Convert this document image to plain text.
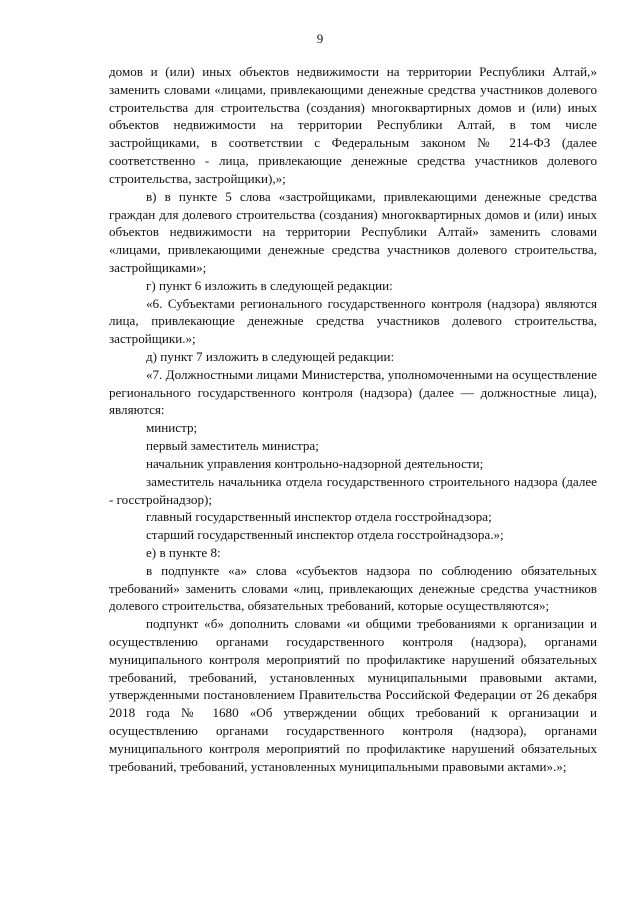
9

домов и (или) иных объектов недвижимости на территории Республики Алтай,» заменить словами «лицами, привлекающими денежные средства участников долевого строительства для строительства (создания) многоквартирных домов и (или) иных объектов недвижимости на территории Республики Алтай, в том числе застройщиками, в соответствии с Федеральным законом № 214-ФЗ (далее соответственно - лица, привлекающие денежные средства участников долевого строительства, застройщики),»;

в) в пункте 5 слова «застройщиками, привлекающими денежные средства граждан для долевого строительства (создания) многоквартирных домов и (или) иных объектов недвижимости на территории Республики Алтай» заменить словами «лицами, привлекающими денежные средства участников долевого строительства, застройщиками»;

г) пункт 6 изложить в следующей редакции:

«6. Субъектами регионального государственного контроля (надзора) являются лица, привлекающие денежные средства участников долевого строительства, застройщики.»;

д) пункт 7 изложить в следующей редакции:

«7. Должностными лицами Министерства, уполномоченными на осуществление регионального государственного контроля (надзора) (далее — должностные лица), являются:

министр;

первый заместитель министра;

начальник управления контрольно-надзорной деятельности;

заместитель начальника отдела государственного строительного надзора (далее - госстройнадзор);

главный государственный инспектор отдела госстройнадзора;

старший государственный инспектор отдела госстройнадзора.»;

е) в пункте 8:

в подпункте «а» слова «субъектов надзора по соблюдению обязательных требований» заменить словами «лиц, привлекающих денежные средства участников долевого строительства, обязательных требований, которые осуществляются»;

подпункт «б» дополнить словами «и общими требованиями к организации и осуществлению органами государственного контроля (надзора), органами муниципального контроля мероприятий по профилактике нарушений обязательных требований, требований, установленных муниципальными правовыми актами, утвержденными постановлением Правительства Российской Федерации от 26 декабря 2018 года № 1680 «Об утверждении общих требований к организации и осуществлению органами государственного контроля (надзора), органами муниципального контроля мероприятий по профилактике нарушений обязательных требований, требований, установленных муниципальными правовыми актами».»;
